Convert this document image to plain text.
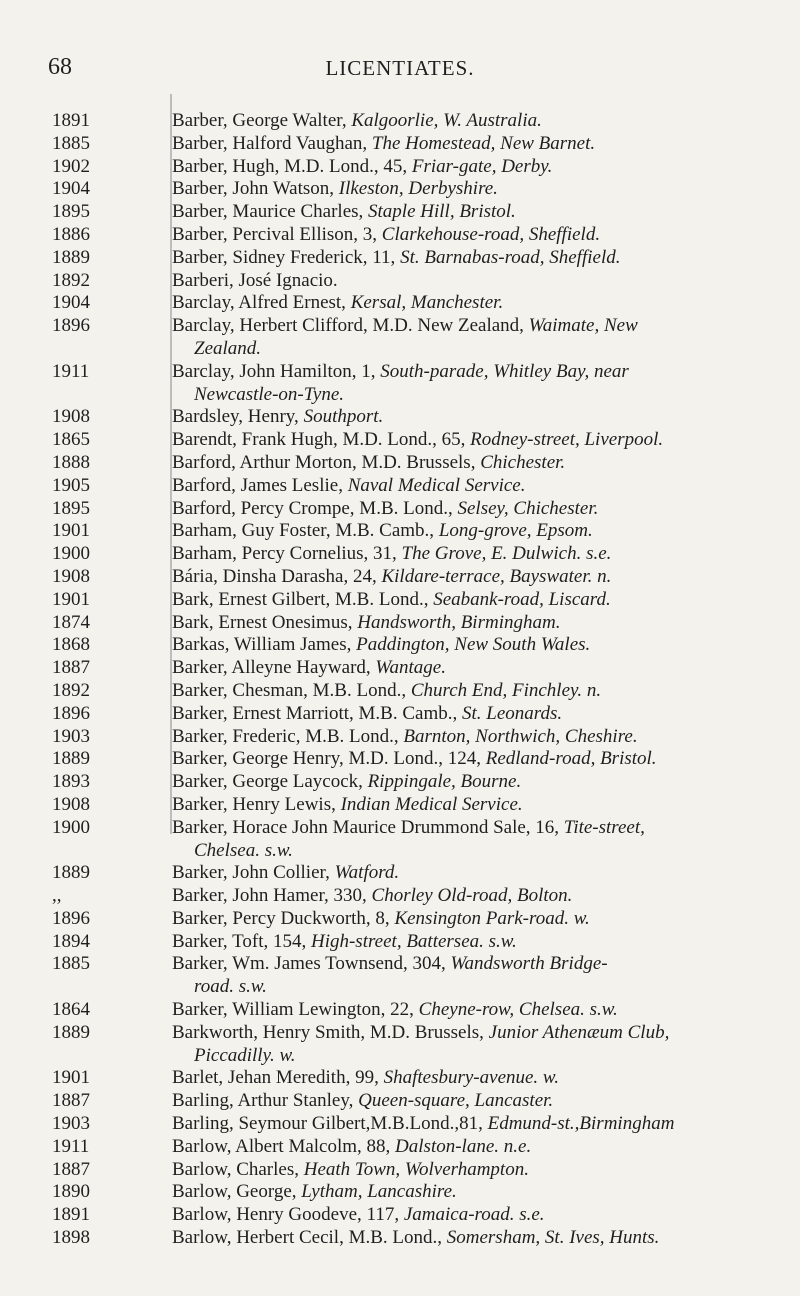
68	LICENTIATES.
1891	Barber, George Walter, Kalgoorlie, W. Australia.
1885	Barber, Halford Vaughan, The Homestead, New Barnet.
1902	Barber, Hugh, M.D. Lond., 45, Friar-gate, Derby.
1904	Barber, John Watson, Ilkeston, Derbyshire.
1895	Barber, Maurice Charles, Staple Hill, Bristol.
1886	Barber, Percival Ellison, 3, Clarkehouse-road, Sheffield.
1889	Barber, Sidney Frederick, 11, St. Barnabas-road, Sheffield.
1892	Barberi, José Ignacio.
1904	Barclay, Alfred Ernest, Kersal, Manchester.
1896	Barclay, Herbert Clifford, M.D. New Zealand, Waimate, New
Zealand.
1911	Barclay, John Hamilton, 1, South-parade, Whitley Bay, near
Newcastle-on-Tyne.
1908	Bardsley, Henry, Southport.
1865	Barendt, Frank Hugh, M.D. Lond., 65, Rodney-street, Liverpool.
1888	Barford, Arthur Morton, M.D. Brussels, Chichester.
1905	Barford, James Leslie, Naval Medical Service.
1895	Barford, Percy Crompe, M.B. Lond., Selsey, Chichester.
1901	Barham, Guy Foster, M.B. Camb., Long-grove, Epsom.
1900	Barham, Percy Cornelius, 31, The Grove, E. Dulwich. s.e.
1908	Bária, Dinsha Darasha, 24, Kildare-terrace, Bayswater. n.
1901	Bark, Ernest Gilbert, M.B. Lond., Seabank-road, Liscard.
1874	Bark, Ernest Onesimus, Handsworth, Birmingham.
1868	Barkas, William James, Paddington, New South Wales.
1887	Barker, Alleyne Hayward, Wantage.
1892	Barker, Chesman, M.B. Lond., Church End, Finchley. n.
1896	Barker, Ernest Marriott, M.B. Camb., St. Leonards.
1903	Barker, Frederic, M.B. Lond., Barnton, Northwich, Cheshire.
1889	Barker, George Henry, M.D. Lond., 124, Redland-road, Bristol.
1893	Barker, George Laycock, Rippingale, Bourne.
1908	Barker, Henry Lewis, Indian Medical Service.
1900	Barker, Horace John Maurice Drummond Sale, 16, Tite-street,
Chelsea. s.w.
1889	Barker, John Collier, Watford.
,,	Barker, John Hamer, 330, Chorley Old-road, Bolton.
1896	Barker, Percy Duckworth, 8, Kensington Park-road. w.
1894	Barker, Toft, 154, High-street, Battersea. s.w.
1885	Barker, Wm. James Townsend, 304, Wandsworth Bridge-
road. s.w.
1864	Barker, William Lewington, 22, Cheyne-row, Chelsea. s.w.
1889	Barkworth, Henry Smith, M.D. Brussels, Junior Athenæum Club,
Piccadilly. w.
1901	Barlet, Jehan Meredith, 99, Shaftesbury-avenue. w.
1887	Barling, Arthur Stanley, Queen-square, Lancaster.
1903	Barling, Seymour Gilbert,M.B.Lond.,81, Edmund-st.,Birmingham
1911	Barlow, Albert Malcolm, 88, Dalston-lane. n.e.
1887	Barlow, Charles, Heath Town, Wolverhampton.
1890	Barlow, George, Lytham, Lancashire.
1891	Barlow, Henry Goodeve, 117, Jamaica-road. s.e.
1898	Barlow, Herbert Cecil, M.B. Lond., Somersham, St. Ives, Hunts.
